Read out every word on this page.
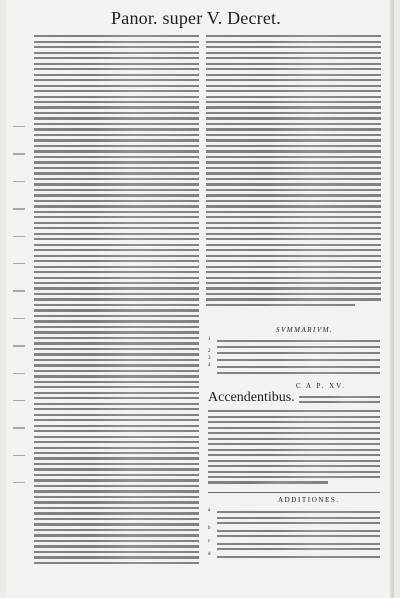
Panor. super V. Decret.
SVMMARIVM.
1
2
3
4
C A P. XV.
Accendentibus.
ADDITIONES.
a
b
c
d
